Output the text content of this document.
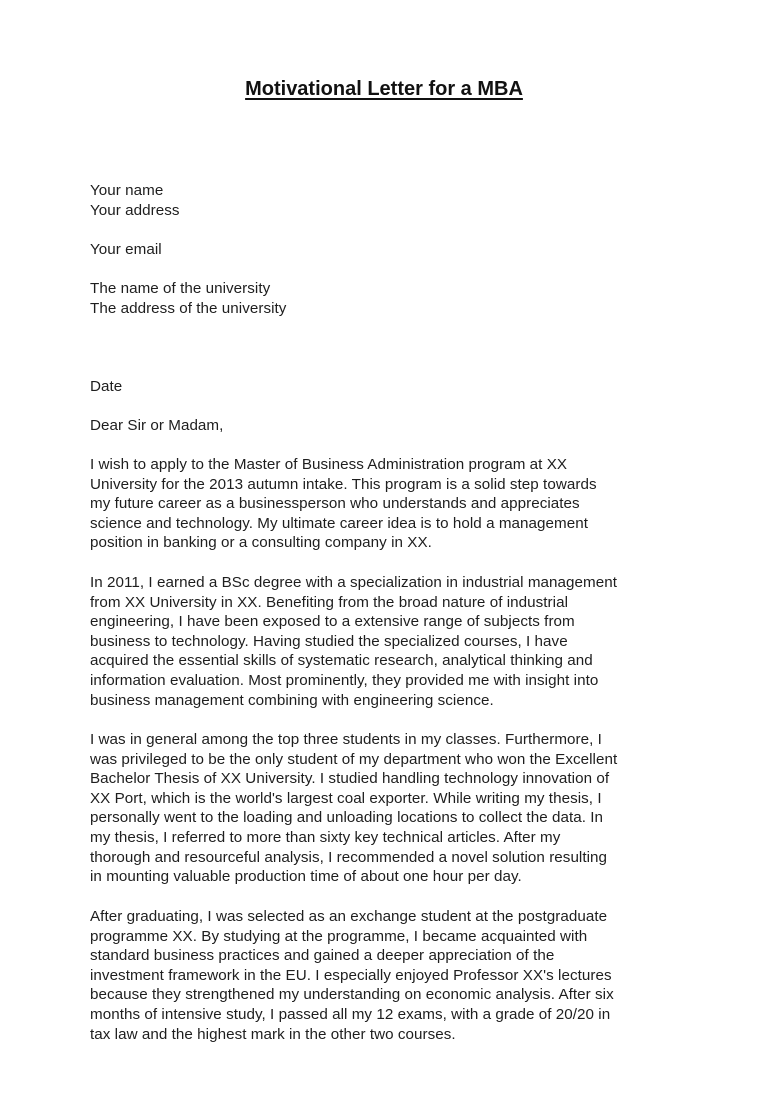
Motivational Letter for a MBA
Your name
Your address
Your email
The name of the university
The address of the university
Date
Dear Sir or Madam,
I wish to apply to the Master of Business Administration program at XX
University for the 2013 autumn intake. This program is a solid step towards
my future career as a businessperson who understands and appreciates
science and technology. My ultimate career idea is to hold a management
position in banking or a consulting company in XX.
In 2011, I earned a BSc degree with a specialization in industrial management
from XX University in XX. Benefiting from the broad nature of industrial
engineering, I have been exposed to a extensive range of subjects from
business to technology. Having studied the specialized courses, I have
acquired the essential skills of systematic research, analytical thinking and
information evaluation. Most prominently, they provided me with insight into
business management combining with engineering science.
I was in general among the top three students in my classes. Furthermore, I
was privileged to be the only student of my department who won the Excellent
Bachelor Thesis of XX University. I studied handling technology innovation of
XX Port, which is the world's largest coal exporter. While writing my thesis, I
personally went to the loading and unloading locations to collect the data. In
my thesis, I referred to more than sixty key technical articles. After my
thorough and resourceful analysis, I recommended a novel solution resulting
in mounting valuable production time of about one hour per day.
After graduating, I was selected as an exchange student at the postgraduate
programme XX. By studying at the programme, I became acquainted with
standard business practices and gained a deeper appreciation of the
investment framework in the EU. I especially enjoyed Professor XX's lectures
because they strengthened my understanding on economic analysis. After six
months of intensive study, I passed all my 12 exams, with a grade of 20/20 in
tax law and the highest mark in the other two courses.
